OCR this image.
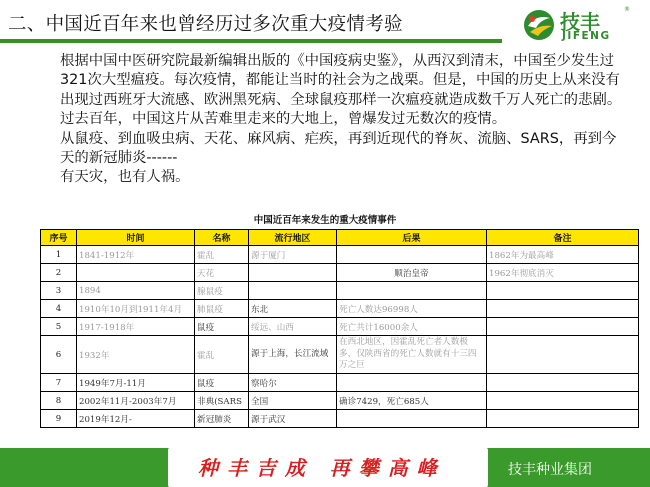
二、中国近百年来也曾经历过多次重大疫情考验	技丰
JIFENG
®

根据中国中医研究院最新编辑出版的《中国疫病史鉴》，从西汉到清末，中国至少发生过321次大型瘟疫。每次疫情，都能让当时的社会为之战栗。但是，中国的历史上从来没有出现过西班牙大流感、欧洲黑死病、全球鼠疫那样一次瘟疫就造成数千万人死亡的悲剧。

过去百年，中国这片从苦难里走来的大地上，曾爆发过无数次的疫情。

从鼠疫、到血吸虫病、天花、麻风病、疟疾，再到近现代的脊灰、流脑、SARS，再到今天的新冠肺炎------

有天灾，也有人祸。

中国近百年来发生的重大疫情事件
序号	时间	名称	流行地区	后果	备注
1	1841-1912年	霍乱	源于厦门		1862年为最高峰
2		天花		顺治皇帝	1962年彻底消灭
3	1894	腺鼠疫			
4	1910年10月到1911年4月	肺鼠疫	东北	死亡人数达96998人	
5	1917-1918年	鼠疫	绥远、山西	死亡共计16000余人	
6	1932年	霍乱	源于上海，长江流域	在西北地区，因霍乱死亡者人数极多，仅陕西省的死亡人数就有十三四万之巨	

7	1949年7月-11月	鼠疫	察哈尔		
8	2002年11月-2003年7月	非典(SARS	全国	确诊7429，死亡685人	
9	2019年12月-	新冠肺炎	源于武汉		
种 丰 吉 成   再 攀 高 峰	技丰种业集团
